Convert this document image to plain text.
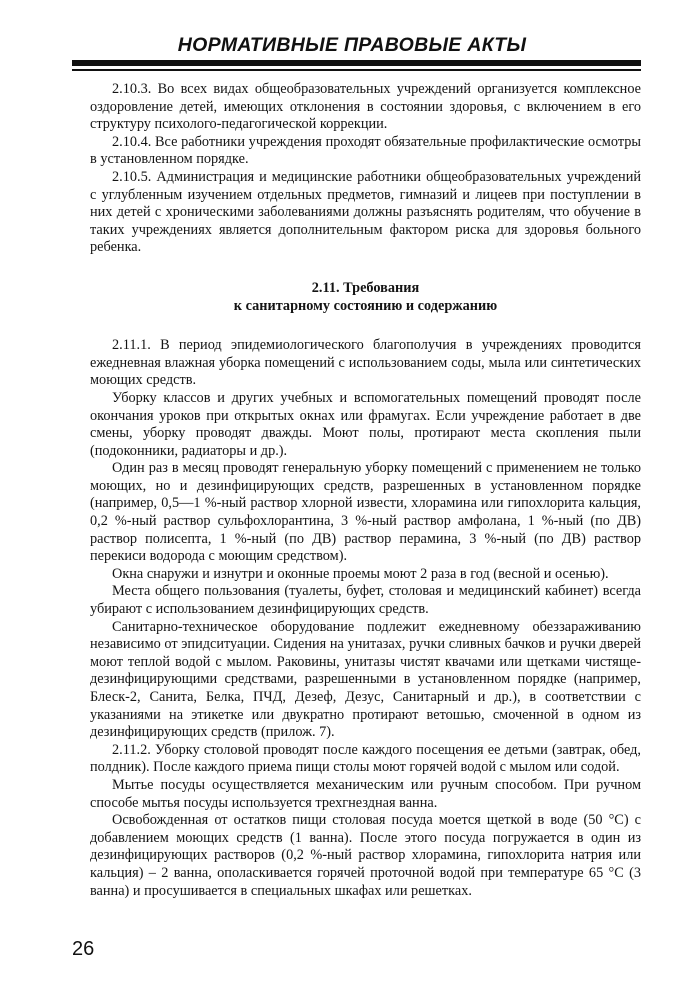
НОРМАТИВНЫЕ ПРАВОВЫЕ АКТЫ

2.10.3. Во всех видах общеобразовательных учреждений организуется комплексное оздоровление детей, имеющих отклонения в состоянии здоровья, с включением в его структуру психолого-педагогической коррекции.

2.10.4. Все работники учреждения проходят обязательные профилактические осмотры в установленном порядке.

2.10.5. Администрация и медицинские работники общеобразовательных учреждений с углубленным изучением отдельных предметов, гимназий и лицеев при поступлении в них детей с хроническими заболеваниями должны разъяснять родителям, что обучение в таких учреждениях является дополнительным фактором риска для здоровья больного ребенка.

2.11. Требования
к санитарному состоянию и содержанию

2.11.1. В период эпидемиологического благополучия в учреждениях проводится ежедневная влажная уборка помещений с использованием соды, мыла или синтетических моющих средств.

Уборку классов и других учебных и вспомогательных помещений проводят после окончания уроков при открытых окнах или фрамугах. Если учреждение работает в две смены, уборку проводят дважды. Моют полы, протирают места скопления пыли (подоконники, радиаторы и др.).

Один раз в месяц проводят генеральную уборку помещений с применением не только моющих, но и дезинфицирующих средств, разрешенных в установленном порядке (например, 0,5—1 %-ный раствор хлорной извести, хлорамина или гипохлорита кальция, 0,2 %-ный раствор сульфохлорантина, 3 %-ный раствор амфолана, 1 %-ный (по ДВ) раствор полисепта, 1 %-ный (по ДВ) раствор перамина, 3 %-ный (по ДВ) раствор перекиси водорода с моющим средством).

Окна снаружи и изнутри и оконные проемы моют 2 раза в год (весной и осенью).

Места общего пользования (туалеты, буфет, столовая и медицинский кабинет) всегда убирают с использованием дезинфицирующих средств.

Санитарно-техническое оборудование подлежит ежедневному обеззараживанию независимо от эпидситуации. Сидения на унитазах, ручки сливных бачков и ручки дверей моют теплой водой с мылом. Раковины, унитазы чистят квачами или щетками чистяще-дезинфицирующими средствами, разрешенными в установленном порядке (например, Блеск-2, Санита, Белка, ПЧД, Дезеф, Дезус, Санитарный и др.), в соответствии с указаниями на этикетке или двукратно протирают ветошью, смоченной в одном из дезинфицирующих средств (прилож. 7).

2.11.2. Уборку столовой проводят после каждого посещения ее детьми (завтрак, обед, полдник). После каждого приема пищи столы моют горячей водой с мылом или содой.

Мытье посуды осуществляется механическим или ручным способом. При ручном способе мытья посуды используется трехгнездная ванна.

Освобожденная от остатков пищи столовая посуда моется щеткой в воде (50 °С) с добавлением моющих средств (1 ванна). После этого посуда погружается в один из дезинфицирующих растворов (0,2 %-ный раствор хлорамина, гипохлорита натрия или кальция) – 2 ванна, ополаскивается горячей проточной водой при температуре 65 °С (3 ванна) и просушивается в специальных шкафах или решетках.

26
